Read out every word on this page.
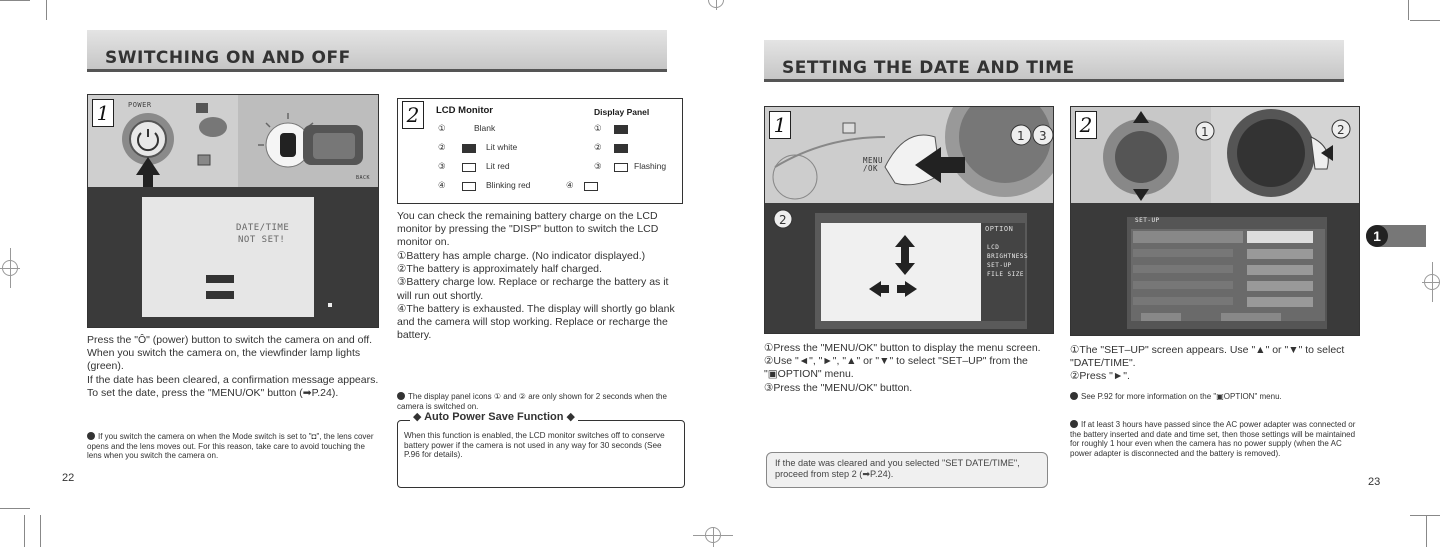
SWITCHING ON AND OFF
1	POWER
BACK
DATE/TIME
NOT SET!
Press the "Ô" (power) button to switch the camera on and off. When you switch the camera on, the viewfinder lamp lights (green).
If the date has been cleared, a confirmation message appears. To set the date, press the "MENU/OK" button (➡P.24).
If you switch the camera on when the Mode switch is set to "◘", the lens cover opens and the lens moves out. For this reason, take care to avoid touching the lens when you switch the camera on.
22
2	LCD Monitor	Display Panel
①	Blank	①
②	Lit white	②
③	Lit red	③	Flashing
④	Blinking red	④
You can check the remaining battery charge on the LCD monitor by pressing the "DISP" button to switch the LCD monitor on.

①Battery has ample charge. (No indicator displayed.)

②The battery is approximately half charged.

③Battery charge low. Replace or recharge the battery as it will run out shortly.

④The battery is exhausted. The display will shortly go blank and the camera will stop working. Replace or recharge the battery.

The display panel icons ① and ② are only shown for 2 seconds when the camera is switched on.
◆ Auto Power Save Function ◆
When this function is enabled, the LCD monitor switches off to conserve battery power if the camera is not used in any way for 30 seconds (See P.96 for details).
SETTING THE DATE AND TIME
1 3
2
1
MENU
/OK
OPTION
LCD
BRIGHTNESS
SET-UP
FILE SIZE

①Press the "MENU/OK" button to display the menu screen.

②Use "◄", "►", "▲" or "▼" to select "SET–UP" from the "▣OPTION" menu.

③Press the "MENU/OK" button.

If the date was cleared and you selected "SET DATE/TIME", proceed from step 2 (➡P.24).
1	2
2
SET-UP

①The "SET–UP" screen appears. Use "▲" or "▼" to select "DATE/TIME".

②Press "►".

See P.92 for more information on the "▣OPTION" menu.
If at least 3 hours have passed since the AC power adapter was connected or the battery inserted and date and time set, then those settings will be maintained for roughly 1 hour even when the camera has no power supply (when the AC power adapter is disconnected and the battery is removed).
23
1
